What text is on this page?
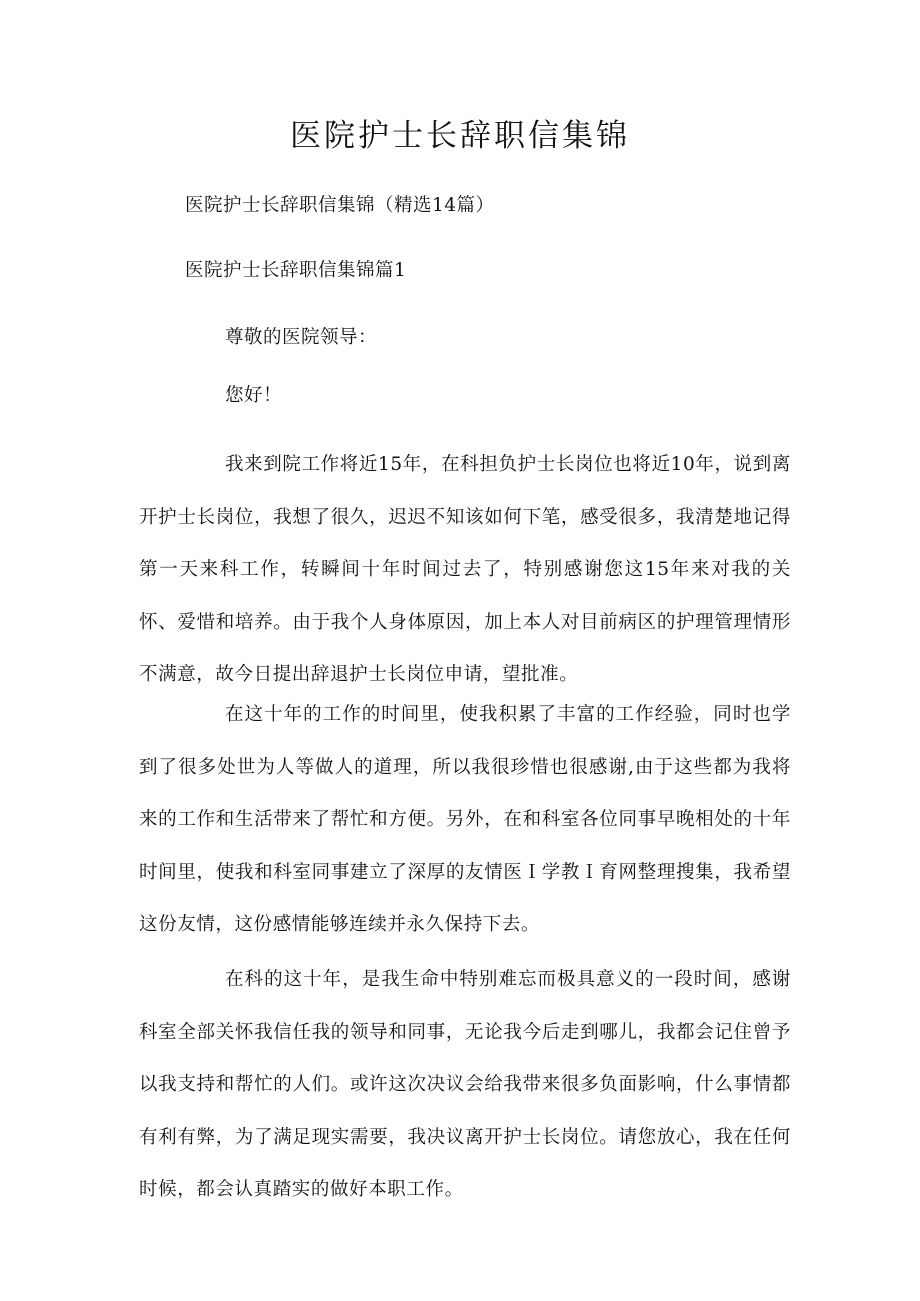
医院护士长辞职信集锦

医院护士长辞职信集锦（精选14篇）

医院护士长辞职信集锦篇1

尊敬的医院领导：

您好！

我来到院工作将近15年，在科担负护士长岗位也将近10年，说到离开护士长岗位，我想了很久，迟迟不知该如何下笔，感受很多，我清楚地记得第一天来科工作，转瞬间十年时间过去了，特别感谢您这15年来对我的关怀、爱惜和培养。由于我个人身体原因，加上本人对目前病区的护理管理情形不满意，故今日提出辞退护士长岗位申请，望批准。

在这十年的工作的时间里，使我积累了丰富的工作经验，同时也学到了很多处世为人等做人的道理，所以我很珍惜也很感谢,由于这些都为我将来的工作和生活带来了帮忙和方便。另外，在和科室各位同事早晚相处的十年时间里，使我和科室同事建立了深厚的友情医Ｉ学教Ｉ育网整理搜集，我希望这份友情，这份感情能够连续并永久保持下去。

在科的这十年，是我生命中特别难忘而极具意义的一段时间，感谢科室全部关怀我信任我的领导和同事，无论我今后走到哪儿，我都会记住曾予以我支持和帮忙的人们。或许这次决议会给我带来很多负面影响，什么事情都有利有弊，为了满足现实需要，我决议离开护士长岗位。请您放心，我在任何时候，都会认真踏实的做好本职工作。
